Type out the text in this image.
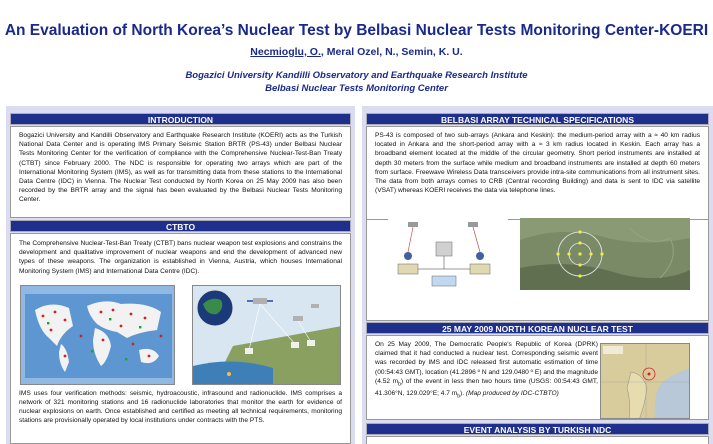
An Evaluation of North Korea’s Nuclear Test by Belbasi Nuclear Tests Monitoring Center-KOERI
Necmioglu, O., Meral Ozel, N., Semin, K. U.
Bogazici University Kandilli Observatory and Earthquake Research Institute
Belbasi Nuclear Tests Monitoring Center
INTRODUCTION
Bogazici University and Kandilli Observatory and Earthquake Research Institute (KOERI) acts as the Turkish National Data Center and is operating IMS Primary Seismic Station BRTR (PS-43) under Belbasi Nuclear Tests Monitoring Center for the verification of compliance with the Comprehensive Nuclear-Test-Ban Treaty (CTBT) since February 2000. The NDC is responsible for operating two arrays which are part of the International Monitoring System (IMS), as well as for transmitting data from these stations to the International Data Centre (IDC) in Vienna. The Nuclear Test conducted by North Korea on 25 May 2009 has also been recorded by the BRTR array and the signal has been evaluated by the Belbasi Nuclear Tests Monitoring Center.
CTBTO
The Comprehensive Nuclear-Test-Ban Treaty (CTBT) bans nuclear weapon test explosions and constrains the development and qualitative improvement of nuclear weapons and end the development of advanced new types of these weapons. The organization is established in Vienna, Austria, which houses International Monitoring System (IMS) and International Data Centre (IDC).
IMS uses four verification methods: seismic, hydroacoustic, infrasound and radionuclide. IMS comprises a network of 321 monitoring stations and 16 radionuclide laboratories that monitor the earth for evidence of nuclear explosions on earth. Once established and certified as meeting all technical requirements, monitoring stations are provisionally operated by local institutions under contracts with the PTS.
BELBASI ARRAY TECHNICAL SPECIFICATIONS
PS-43 is composed of two sub-arrays (Ankara and Keskin): the medium-period array with a ≈ 40 km radius located in Ankara and the short-period array with a ≈ 3 km radius located in Keskin. Each array has a broadband element located at the middle of the circular geometry. Short period instruments are installed at depth 30 meters from the surface while medium and broadband instruments are installed at depth 60 meters from surface. Freewave Wireless Data transceivers provide intra-site communications from all instrument sites. The data from both arrays comes to CRB (Central recording Building) and data is sent to IDC via satellite (VSAT) whereas KOERI receives the data via telephone lines.
25 MAY 2009 NORTH KOREAN NUCLEAR TEST
On 25 May 2009, The Democratic People's Republic of Korea (DPRK) claimed that it had conducted a nuclear test. Corresponding seismic event was recorded by IMS and IDC released first automatic estimation of time (00:54:43 GMT), location (41.2896 º N and 129.0480 º E) and the magnitude (4.52 $m_b$) of the event in less then two hours time (USGS: 00:54:43 GMT, 41.306°N, 129.029°E; 4.7 $m_b$). (Map produced by IDC-CTBTO)
EVENT ANALYSIS BY TURKISH NDC
